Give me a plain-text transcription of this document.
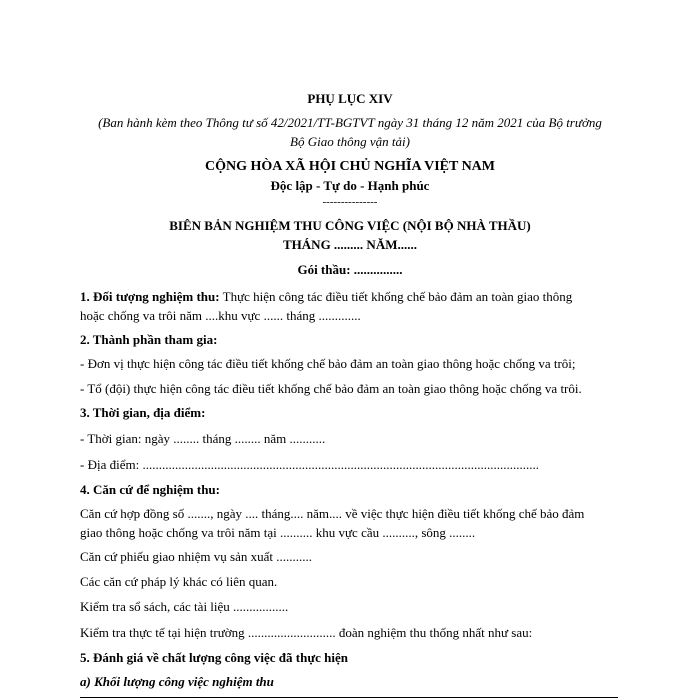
PHỤ LỤC XIV
(Ban hành kèm theo Thông tư số 42/2021/TT-BGTVT ngày 31 tháng 12 năm 2021 của Bộ trưởng
Bộ Giao thông vận tải)
CỘNG HÒA XÃ HỘI CHỦ NGHĨA VIỆT NAM
Độc lập - Tự do - Hạnh phúc
---------------
BIÊN BẢN NGHIỆM THU CÔNG VIỆC (NỘI BỘ NHÀ THẦU)
THÁNG ......... NĂM......
Gói thầu: ...............
1. Đối tượng nghiệm thu: Thực hiện công tác điều tiết khống chế bảo đảm an toàn giao thông
hoặc chống va trôi năm ....khu vực ...... tháng .............
2. Thành phần tham gia:
- Đơn vị thực hiện công tác điều tiết khống chế bảo đảm an toàn giao thông hoặc chống va trôi;
- Tổ (đội) thực hiện công tác điều tiết khống chế bảo đảm an toàn giao thông hoặc chống va trôi.
3. Thời gian, địa điểm:
- Thời gian: ngày ........ tháng ........ năm ...........
- Địa điểm: ..........................................................................................................................
4. Căn cứ để nghiệm thu:
Căn cứ hợp đồng số ......., ngày .... tháng.... năm.... về việc thực hiện điều tiết khống chế bảo đảm
giao thông hoặc chống va trôi năm tại .......... khu vực cầu .........., sông ........
Căn cứ phiếu giao nhiệm vụ sản xuất ...........
Các căn cứ pháp lý khác có liên quan.
Kiểm tra sổ sách, các tài liệu .................
Kiểm tra thực tế tại hiện trường ........................... đoàn nghiệm thu thống nhất như sau:
5. Đánh giá về chất lượng công việc đã thực hiện
a) Khối lượng công việc nghiệm thu
